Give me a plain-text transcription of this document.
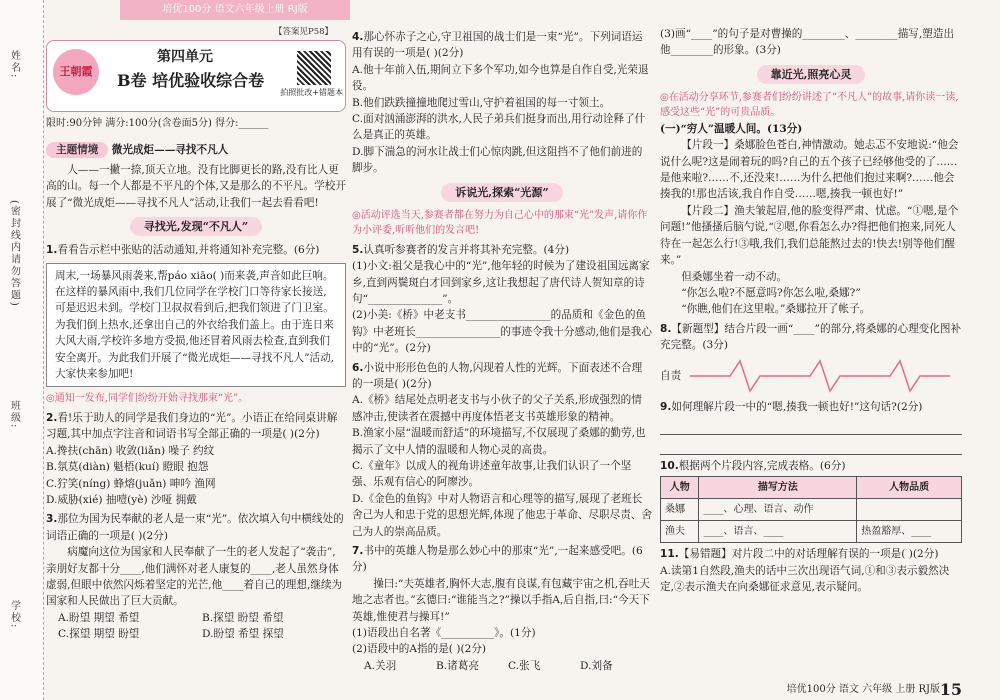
姓名:
(密封线内请勿答题)
班级:
学校:
培优100分 语文六年级上册 RJ版
【答案见P58】
王朝霞
第四单元
B卷 培优验收综合卷
拍照批改+错题本
限时:90分钟 满分:100分(含卷面5分) 得分:______
主题情境 微光成炬——寻找不凡人

人——一撇一捺,顶天立地。没有比脚更长的路,没有比人更高的山。每一个人都是不平凡的个体,又是那么的不平凡。学校开展了“微光成炬——寻找不凡人”活动,让我们一起去看看吧!

寻找光,发现“不凡人”
1.看看告示栏中张贴的活动通知,并将通知补充完整。(6分)
周末,一场暴风雨袭来,帮páo xiāo( )而来袭,声音如此巨响。在这样的暴风雨中,我们几位同学在学校门口等待家长接送,可是迟迟未到。学校门卫叔叔看到后,把我们领进了门卫室。为我们倒上热水,还拿出自己的外衣给我们盖上。由于连日来大风大雨,学校许多地方受损,他还冒着风雨去检查,直到我们安全离开。为此我们开展了“微光成炬——寻找不凡人”活动,大家快来参加吧!
◎通知一发布,同学们纷纷开始寻找那束“光”。
2.看!乐于助人的同学是我们身边的“光”。小语正在给同桌讲解习题,其中加点字注音和词语书写全部正确的一项是( )(2分)
A.搀扶(chān) 收敛(liǎn) 噪子 约纹
B.氛莫(diàn) 魁梧(kuí) 瞪眼 抱怨
C.狞笑(níng) 蜂熔(juǎn) 呻吟 渔网
D.威胁(xié) 抽噎(yè) 沙哑 拥戴
3.那位为国为民奉献的老人是一束“光”。依次填入句中横线处的词语正确的一项是( )(2分)

病魔向这位为国家和人民奉献了一生的老人发起了“袭击”,亲朋好友都十分____,他们满怀对老人康复的____,老人虽然身体虚弱,但眼中依然闪烁着坚定的光芒,他____着自己的理想,继续为国家和人民做出了巨大贡献。

A.盼望 期望 希望	B.探望 盼望 希望
C.探望 期望 盼望	D.盼望 希望 探望
4.那心怀赤子之心,守卫祖国的战士们是一束“光”。下列词语运用有误的一项是( )(2分)
A.他十年前入伍,期间立下多个军功,如今也算是自作自受,光荣退役。
B.他们跌跌撞撞地爬过雪山,守护着祖国的每一寸领土。
C.面对汹涌澎湃的洪水,人民子弟兵们挺身而出,用行动诠释了什么是真正的英雄。
D.脚下湍急的河水让战士们心惊肉跳,但这阻挡不了他们前进的脚步。
诉说光,探索“光源”
◎活动评选当天,参赛者都在努力为自己心中的那束“光”发声,请你作为小评委,听听他们的发言吧!
5.认真听参赛者的发言并将其补充完整。(4分)
(1)小文:祖父是我心中的“光”,他年轻的时候为了建设祖国远离家乡,直到两鬓斑白才回到家乡,这让我想起了唐代诗人贺知章的诗句“______________”。
(2)小美:《桥》中老支书________________的品质和《金色的鱼钩》中老班长________________的事迹令我十分感动,他们是我心中的“光”。(2分)
6.小说中形形色色的人物,闪现着人性的光辉。下面表述不合理的一项是( )(2分)
A.《桥》结尾处点明老支书与小伙子的父子关系,形成强烈的情感冲击,使读者在震撼中再度体悟老支书英雄形象的精神。
B.渔家小屋“温暖而舒适”的环境描写,不仅展现了桑娜的勤劳,也揭示了文中人情的温暖和人物心灵的高贵。
C.《童年》以成人的视角讲述童年故事,让我们认识了一个坚强、乐观有信心的阿廖沙。
D.《金色的鱼钩》中对人物语言和心理等的描写,展现了老班长舍己为人和忠于党的思想光辉,体现了他忠于革命、尽职尽责、舍己为人的崇高品质。
7.书中的英雄人物是那么妙心中的那束“光”,一起来感受吧。(6分)

操曰:“夫英雄者,胸怀大志,腹有良谋,有包藏宇宙之机,吞吐天地之志者也。”玄德曰:“谁能当之?”操以手指A,后自指,曰:“今天下英雄,惟使君与操耳!”

(1)语段出自名著《__________》。(1分)
(2)语段中的A指的是( )(2分)
A.关羽	B.诸葛亮	C.张飞	D.刘备
(3)画“____”的句子是对曹操的________、________描写,塑造出他________的形象。(3分)
靠近光,照亮心灵
◎在活动分享环节,参赛者们纷纷讲述了“不凡人”的故事,请你读一读,感受这些“光”的可贵品质。
(一)“穷人”温暖人间。(13分)

【片段一】桑娜脸色苍白,神情激动。她忐忑不安地说:“他会说什么呢?这是闹着玩的吗?自己的五个孩子已经够他受的了……是他来啦?……不,还没来!……为什么把他们抱过来啊?……他会揍我的!那也活该,我自作自受……嗯,揍我一顿也好!”

【片段二】渔夫皱起眉,他的脸变得严肃、忧虑。“①嗯,是个问题!”他搔搔后脑勺说,“②嗯,你看怎么办?得把他们抱来,同死人待在一起怎么行!③哦,我们,我们总能熬过去的!快去!别等他们醒来。”

但桑娜坐着一动不动。

“你怎么啦?不愿意吗?你怎么啦,桑娜?”

“你瞧,他们在这里啦。”桑娜拉开了帐子。

8.【新题型】结合片段一画“____”的部分,将桑娜的心理变化图补充完整。(3分)
自责
9.如何理解片段一中的“嗯,揍我一顿也好!”这句话?(2分)
10.根据两个片段内容,完成表格。(6分)
人物	描写方法	人物品质
桑娜	____、心理、语言、动作	
渔夫	____、语言、____	热盈豁厚、____
11.【易错题】对片段二中的对话理解有误的一项是( )(2分)
A.读第1自然段,渔夫的话中三次出现语气词,①和③表示毅然决定,②表示渔夫在向桑娜征求意见,表示疑问。
培优100分 语文 六年级 上册 RJ版 15
